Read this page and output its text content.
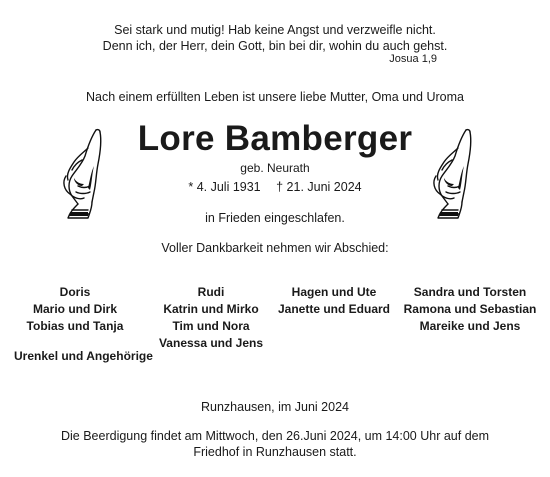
Sei stark und mutig! Hab keine Angst und verzweifle nicht.
Denn ich, der Herr, dein Gott, bin bei dir, wohin du auch gehst.
Josua 1,9
Nach einem erfüllten Leben ist unsere liebe Mutter, Oma und Uroma
Lore Bamberger
geb. Neurath
* 4. Juli 1931 † 21. Juni 2024
in Frieden eingeschlafen.
Voller Dankbarkeit nehmen wir Abschied:
Doris
Mario und Dirk
Tobias und Tanja
Rudi
Katrin und Mirko
Tim und Nora
Vanessa und Jens
Hagen und Ute
Janette und Eduard
Sandra und Torsten
Ramona und Sebastian
Mareike und Jens
Urenkel und Angehörige
Runzhausen, im Juni 2024
Die Beerdigung findet am Mittwoch, den 26.Juni 2024, um 14:00 Uhr auf dem
Friedhof in Runzhausen statt.
